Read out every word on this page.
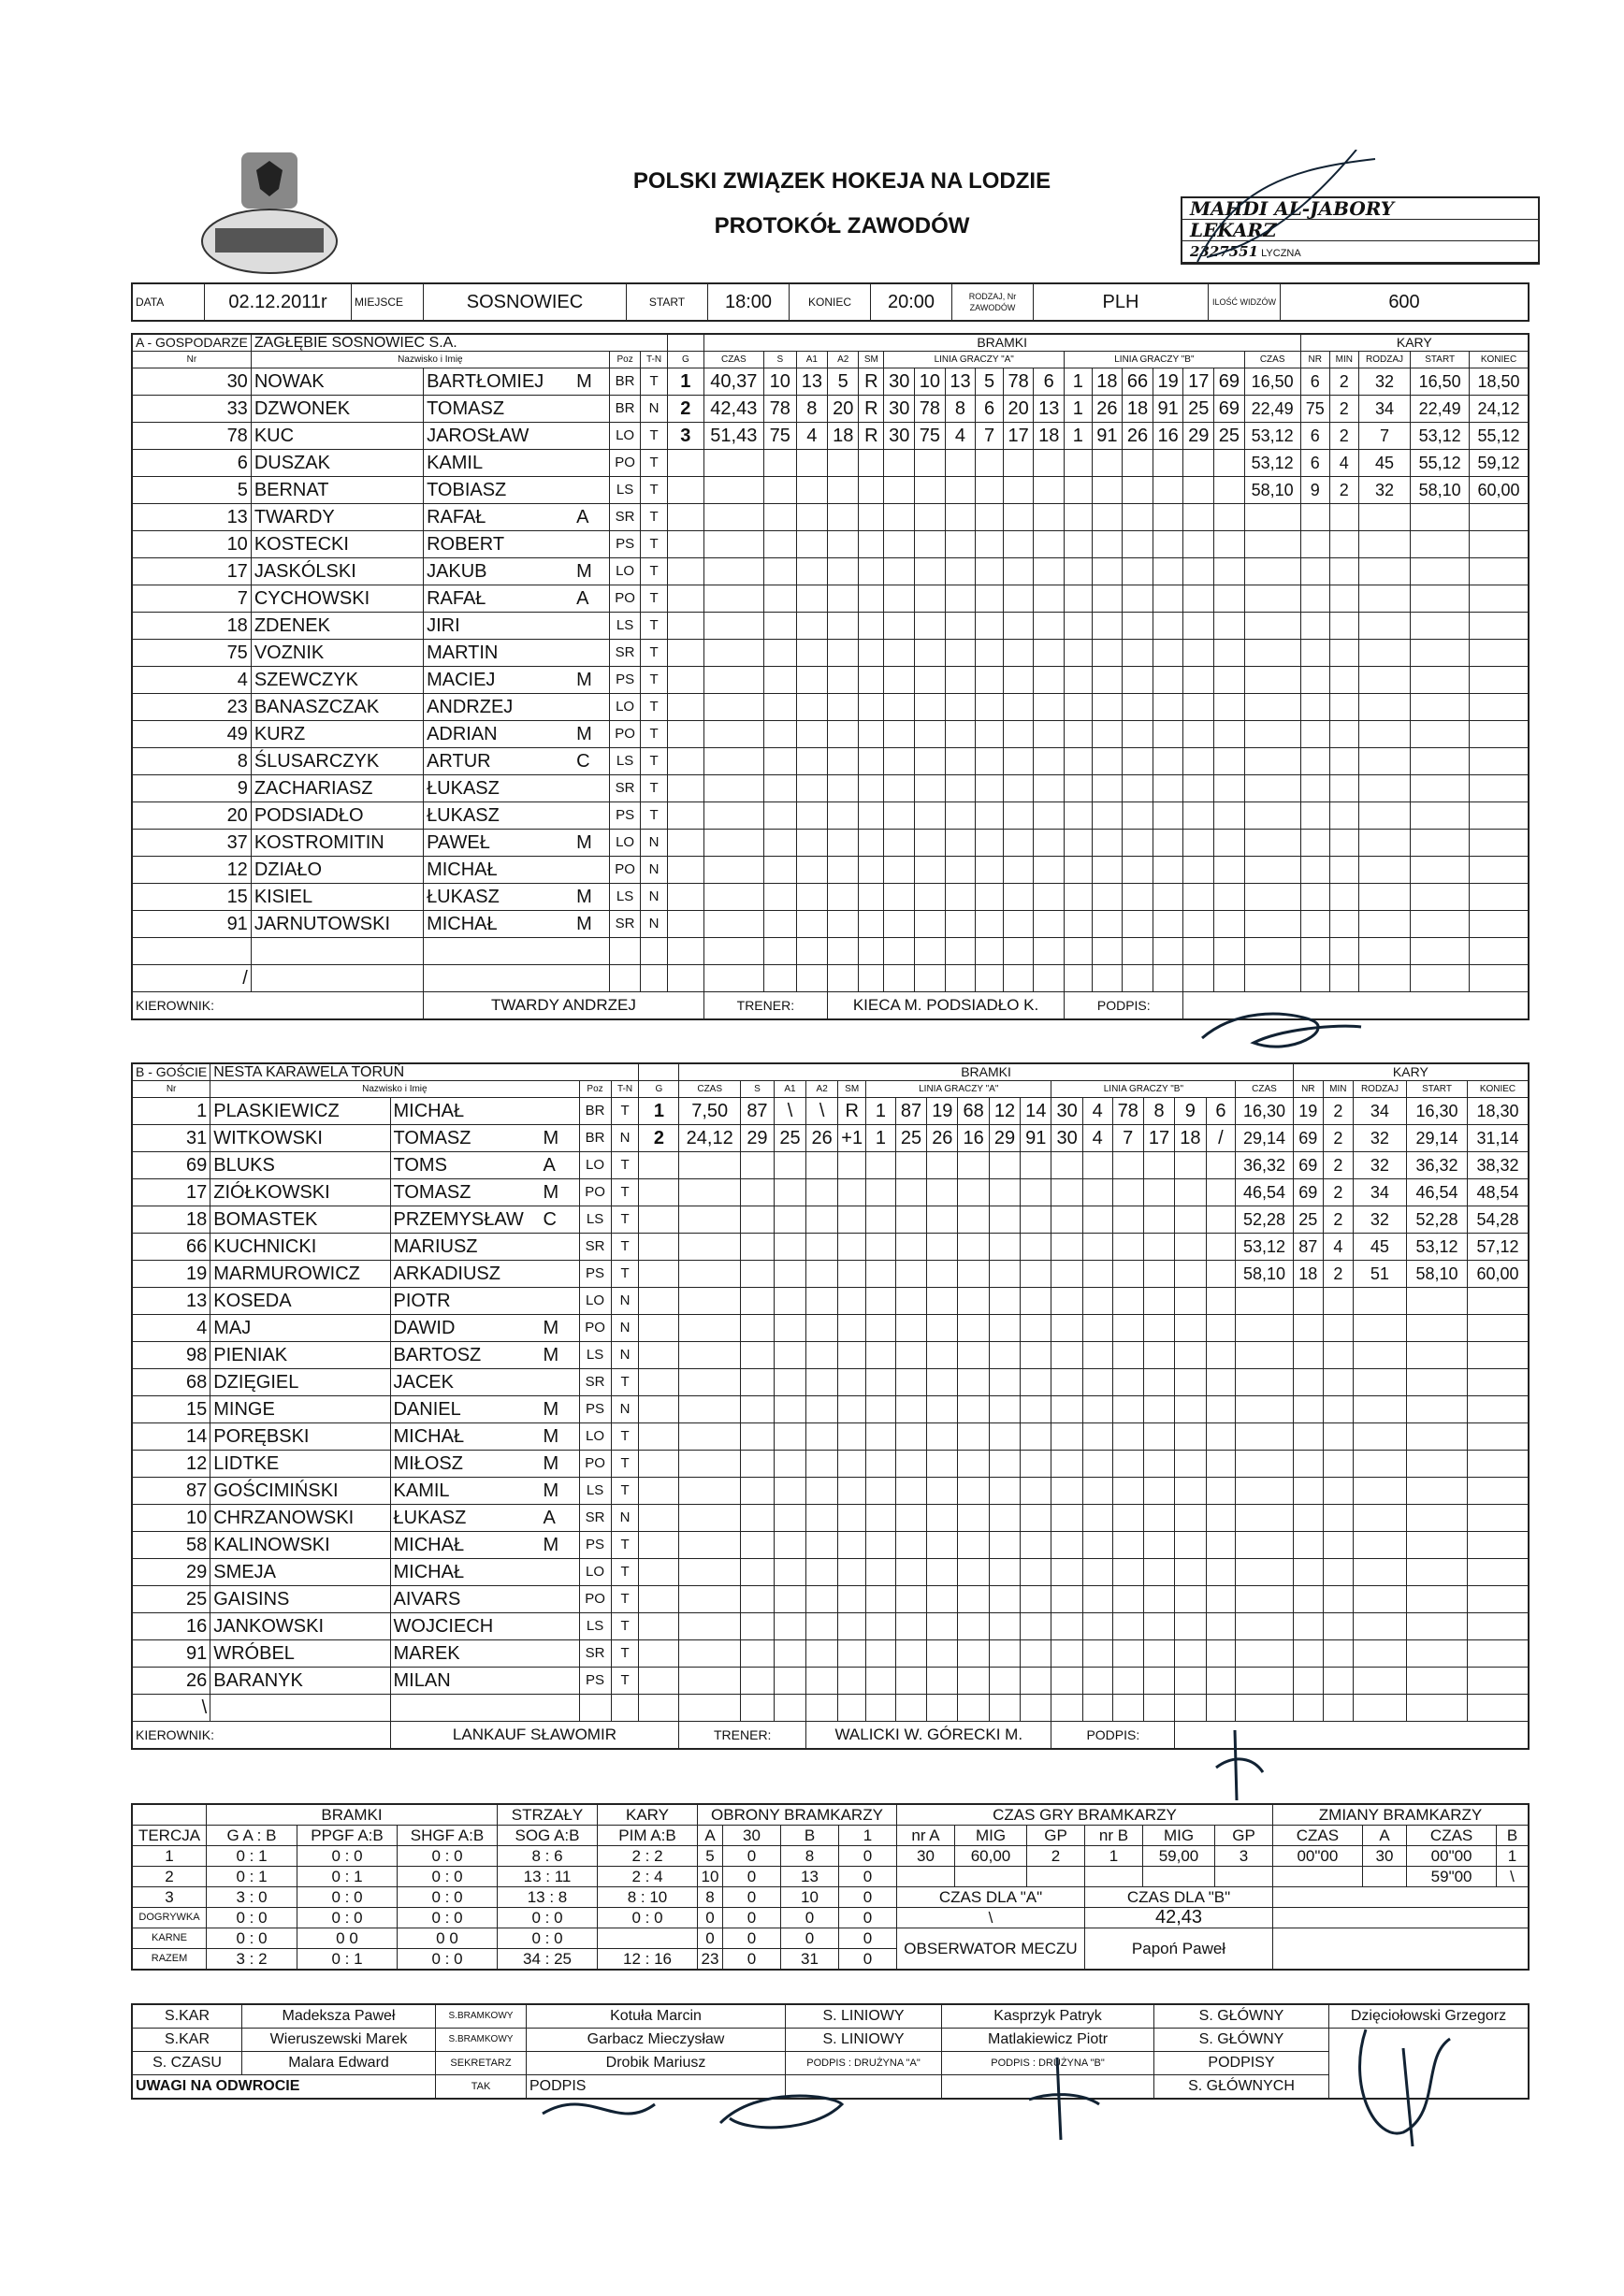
POLSKI ZWIĄZEK HOKEJA NA LODZIE
PROTOKÓŁ ZAWODÓW
MAHDI AL-JABORY
LEKARZ
2327551 LYCZNA
DATA	02.12.2011r	MIEJSCE	SOSNOWIEC	START	18:00	KONIEC	20:00	RODZAJ, Nr ZAWODÓW	PLH	ILOŚĆ WIDZÓW	600
A - GOSPODARZE	ZAGŁĘBIE SOSNOWIEC S.A.					BRAMKI																		KARY				
Nr	Nazwisko i Imię		Poz	T-N	G	CZAS	S	A1	A2	SM	LINIA GRACZY "A"						LINIA GRACZY "B"						CZAS	NR	MIN	RODZAJ	START	KONIEC
30	NOWAK	BARTŁOMIEJ M	BR	T	1	40,37	10	13	5	R	30	10	13	5	78	6	1	18	66	19	17	69	16,50	6	2	32	16,50	18,50
33	DZWONEK	TOMASZ	BR	N	2	42,43	78	8	20	R	30	78	8	6	20	13	1	26	18	91	25	69	22,49	75	2	34	22,49	24,12
78	KUC	JAROSŁAW	LO	T	3	51,43	75	4	18	R	30	75	4	7	17	18	1	91	26	16	29	25	53,12	6	2	7	53,12	55,12
6	DUSZAK	KAMIL	PO	T																			53,12	6	4	45	55,12	59,12
5	BERNAT	TOBIASZ	LS	T																			58,10	9	2	32	58,10	60,00
13	TWARDY	RAFAŁ A	SR	T																								
10	KOSTECKI	ROBERT	PS	T																								
17	JASKÓLSKI	JAKUB M	LO	T																								
7	CYCHOWSKI	RAFAŁ A	PO	T																								
18	ZDENEK	JIRI	LS	T																								
75	VOZNIK	MARTIN	SR	T																								
4	SZEWCZYK	MACIEJ M	PS	T																								
23	BANASZCZAK	ANDRZEJ	LO	T																								
49	KURZ	ADRIAN M	PO	T																								
8	ŚLUSARCZYK	ARTUR C	LS	T																								
9	ZACHARIASZ	ŁUKASZ	SR	T																								
20	PODSIADŁO	ŁUKASZ	PS	T																								
37	KOSTROMITIN	PAWEŁ M	LO	N																								
12	DZIAŁO	MICHAŁ	PO	N																								
15	KISIEL	ŁUKASZ M	LS	N																								
91	JARNUTOWSKI	MICHAŁ M	SR	N																								

/																												
KIEROWNIK:		TWARDY ANDRZEJ				TRENER:			KIECA M. PODSIADŁO K.								PODPIS:											
B - GOŚCIE	NESTA KARAWELA TORUŃ					BRAMKI																		KARY				
Nr	Nazwisko i Imię		Poz	T-N	G	CZAS	S	A1	A2	SM	LINIA GRACZY "A"						LINIA GRACZY "B"						CZAS	NR	MIN	RODZAJ	START	KONIEC
1	PLASKIEWICZ	MICHAŁ	BR	T	1	7,50	87	\	\	R	1	87	19	68	12	14	30	4	78	8	9	6	16,30	19	2	34	16,30	18,30
31	WITKOWSKI	TOMASZ M	BR	N	2	24,12	29	25	26	+1	1	25	26	16	29	91	30	4	7	17	18	/	29,14	69	2	32	29,14	31,14
69	BLUKS	TOMS A	LO	T																			36,32	69	2	32	36,32	38,32
17	ZIÓŁKOWSKI	TOMASZ M	PO	T																			46,54	69	2	34	46,54	48,54
18	BOMASTEK	PRZEMYSŁAW C	LS	T																			52,28	25	2	32	52,28	54,28
66	KUCHNICKI	MARIUSZ	SR	T																			53,12	87	4	45	53,12	57,12
19	MARMUROWICZ	ARKADIUSZ	PS	T																			58,10	18	2	51	58,10	60,00
13	KOSEDA	PIOTR	LO	N																								
4	MAJ	DAWID M	PO	N																								
98	PIENIAK	BARTOSZ M	LS	N																								
68	DZIĘGIEL	JACEK	SR	T																								
15	MINGE	DANIEL M	PS	N																								
14	PORĘBSKI	MICHAŁ M	LO	T																								
12	LIDTKE	MIŁOSZ M	PO	T																								
87	GOŚCIMIŃSKI	KAMIL M	LS	T																								
10	CHRZANOWSKI	ŁUKASZ A	SR	N																								
58	KALINOWSKI	MICHAŁ M	PS	T																								
29	SMEJA	MICHAŁ	LO	T																								
25	GAISINS	AIVARS	PO	T																								
16	JANKOWSKI	WOJCIECH	LS	T																								
91	WRÓBEL	MAREK	SR	T																								
26	BARANYK	MILAN	PS	T																								
\																												
KIEROWNIK:		LANKAUF SŁAWOMIR				TRENER:			WALICKI W. GÓRECKI M.								PODPIS:											
	BRAMKI			STRZAŁY	KARY	OBRONY BRAMKARZY				CZAS GRY BRAMKARZY						ZMIANY BRAMKARZY			
TERCJA	G A : B	PPGF A:B	SHGF A:B	SOG A:B	PIM A:B	A	30	B	1	nr A	MIG	GP	nr B	MIG	GP	CZAS	A	CZAS	B
1	0 : 1	0 : 0	0 : 0	8 : 6	2 : 2	5	0	8	0	30	60,00	2	1	59,00	3	00"00	30	00"00	1
2	0 : 1	0 : 1	0 : 0	13 : 11	2 : 4	10	0	13	0									59"00	\
3	3 : 0	0 : 0	0 : 0	13 : 8	8 : 10	8	0	10	0	CZAS DLA "A"			CZAS DLA "B"						
DOGRYWKA	0 : 0	0 : 0	0 : 0	0 : 0	0 : 0	0	0	0	0	\			42,43						
KARNE	0 : 0	0 0	0 0	0 : 0		0	0	0	0	OBSERWATOR MECZU			Papoń Paweł						
RAZEM	3 : 2	0 : 1	0 : 0	34 : 25	12 : 16	23	0	31	0										
S.KAR	Madeksza Paweł	S.BRAMKOWY	Kotuła Marcin	S. LINIOWY	Kasprzyk Patryk	S. GŁÓWNY	Dzięciołowski Grzegorz
S.KAR	Wieruszewski Marek	S.BRAMKOWY	Garbacz Mieczysław	S. LINIOWY	Matlakiewicz Piotr	S. GŁÓWNY	
S. CZASU	Malara Edward	SEKRETARZ	Drobik Mariusz	PODPIS : DRUŻYNA "A"	PODPIS : DRUŻYNA "B"	PODPISY	
UWAGI NA ODWROCIE		TAK	PODPIS			S. GŁÓWNYCH	
